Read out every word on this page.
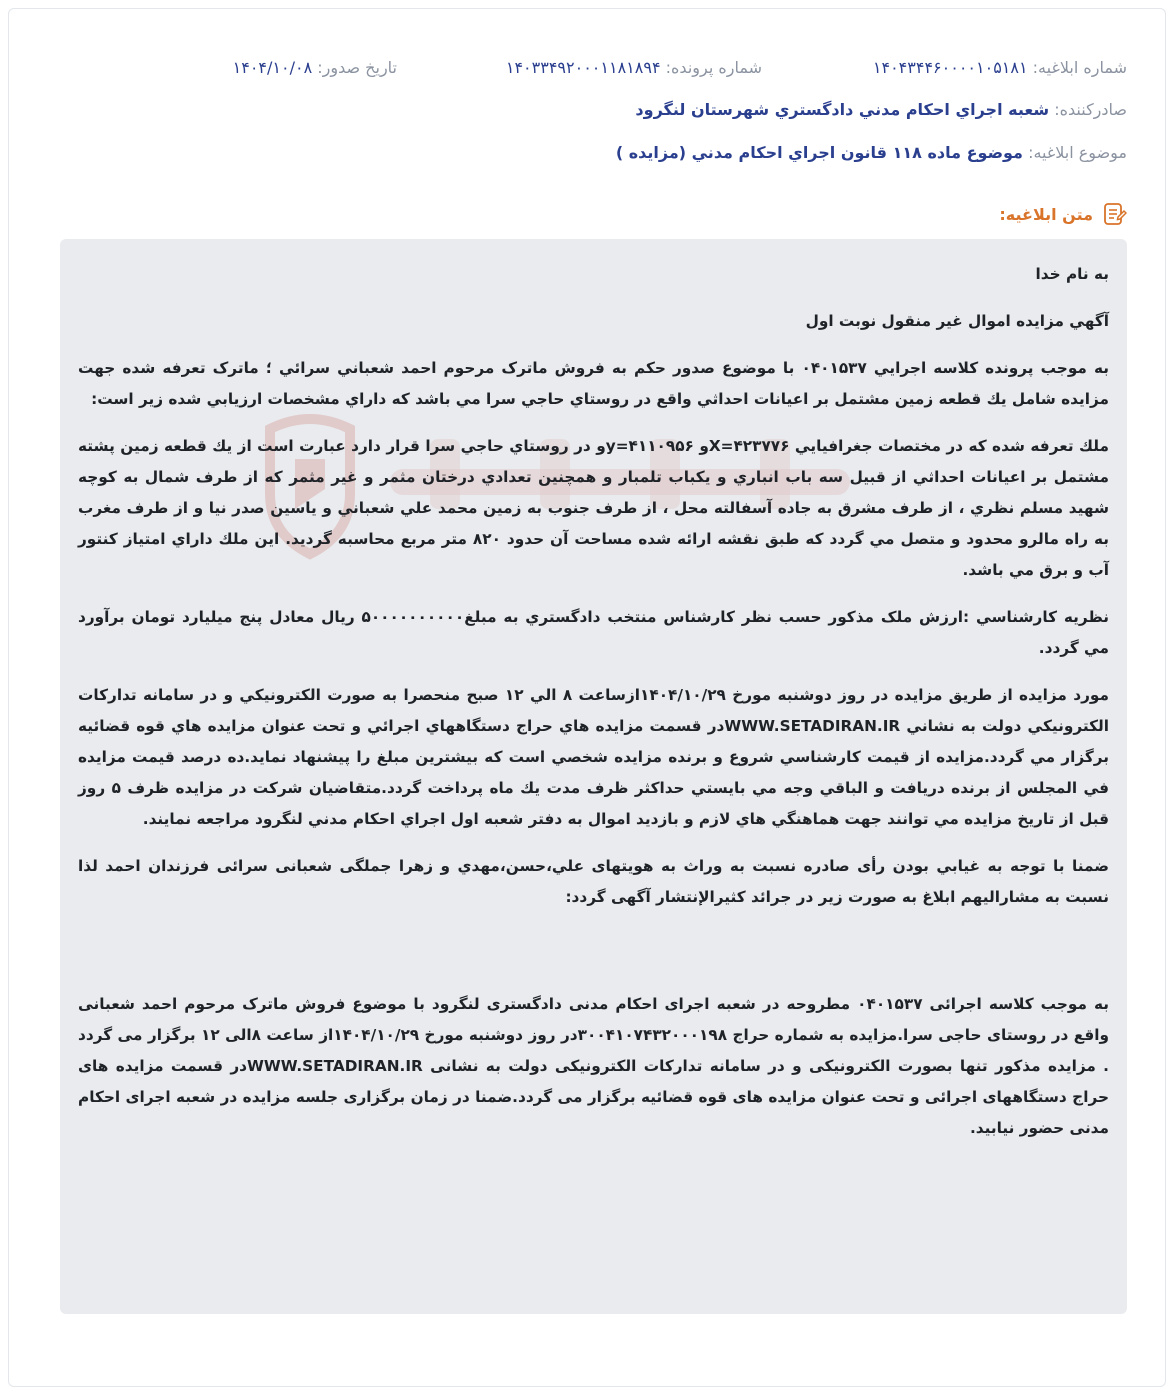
شماره ابلاغيه: ۱۴۰۴۳۴۴۶۰۰۰۰۱۰۵۱۸۱
شماره پرونده: ۱۴۰۳۳۴۹۲۰۰۰۱۱۸۱۸۹۴
تاريخ صدور: ۱۴۰۴/۱۰/۰۸
صادرکننده: شعبه اجراي احکام مدني دادگستري شهرستان لنگرود
موضوع ابلاغيه: موضوع ماده ۱۱۸ قانون اجراي احکام مدني (مزايده )
متن ابلاغيه:

به نام خدا

آگهي مزايده اموال غير منقول نوبت اول

به موجب پرونده کلاسه اجرايي ۰۴۰۱۵۳۷ با موضوع صدور حکم به فروش ماترک مرحوم احمد شعباني سرائي ؛ ماترک تعرفه شده جهت مزايده شامل يك قطعه زمين مشتمل بر اعيانات احداثي واقع در روستاي حاجي سرا مي باشد که داراي مشخصات ارزيابي شده زير است:

ملك تعرفه شده كه در مختصات جغرافيايي X=۴۲۳۷۷۶و ۴۱۱۰۹۵۶=yو در روستاي حاجي سرا قرار دارد عبارت است از يك قطعه زمين پشته مشتمل بر اعيانات احداثي از قبيل سه باب انباري و يكباب تلمبار و همچنين تعدادي درختان مثمر و غير مثمر كه از طرف شمال به كوچه شهيد مسلم نظري ، از طرف مشرق به جاده آسفالته محل ، از طرف جنوب به زمين محمد علي شعباني و ياسين صدر نيا و از طرف مغرب به راه مالرو محدود و متصل مي گردد كه طبق نقشه ارائه شده مساحت آن حدود ۸۲۰ متر مربع محاسبه گرديد. اين ملك داراي امتياز كنتور آب و برق مي باشد.

نظريه کارشناسي :ارزش ملک مذکور حسب نظر کارشناس منتخب دادگستري به مبلغ۵۰۰۰۰۰۰۰۰۰۰ ريال معادل پنج ميليارد تومان برآورد مي گردد.

مورد مزايده از طريق مزايده در روز دوشنبه مورخ ۱۴۰۴/۱۰/۲۹ازساعت ۸ الي ۱۲ صبح منحصرا به صورت الکترونيکي و در سامانه تدارکات الکترونيکي دولت به نشاني WWW.SETADIRAN.IRدر قسمت مزايده هاي حراج دستگاههاي اجرائي و تحت عنوان مزايده هاي قوه قضائيه برگزار مي گردد.مزايده از قيمت کارشناسي شروع و برنده مزايده شخصي است که بيشترين مبلغ را پيشنهاد نمايد.ده درصد قيمت مزايده في المجلس از برنده دريافت و الباقي وجه مي بايستي حداکثر ظرف مدت يك ماه پرداخت گردد.متقاضيان شرکت در مزايده ظرف ۵ روز قبل از تاريخ مزايده مي توانند جهت هماهنگي هاي لازم و بازديد اموال به دفتر شعبه اول اجراي احکام مدني لنگرود مراجعه نمايند.

ضمنا با توجه به غيابي بودن رأی صادره نسبت به وراث به هويتهای علي،حسن،مهدي و زهرا جملگی شعبانی سرائی فرزندان احمد لذا نسبت به مشاراليهم ابلاغ به صورت زير در جرائد کثيرالإنتشار آگهی گردد:

به موجب کلاسه اجرائی ۰۴۰۱۵۳۷ مطروحه در شعبه اجرای احکام مدنی دادگستری لنگرود با موضوع فروش ماترک مرحوم احمد شعبانی واقع در روستای حاجی سرا.مزايده به شماره حراج ۳۰۰۴۱۰۷۴۳۲۰۰۰۱۹۸در روز دوشنبه مورخ ۱۴۰۴/۱۰/۲۹از ساعت ۸الی ۱۲ برگزار می گردد . مزايده مذکور تنها بصورت الکترونيکی و در سامانه تدارکات الکترونيکی دولت به نشانی WWW.SETADIRAN.IRدر قسمت مزايده های حراج دستگاههای اجرائی و تحت عنوان مزايده های قوه قضائيه برگزار می گردد.ضمنا در زمان برگزاری جلسه مزايده در شعبه اجرای احکام مدنی حضور نيابيد.
